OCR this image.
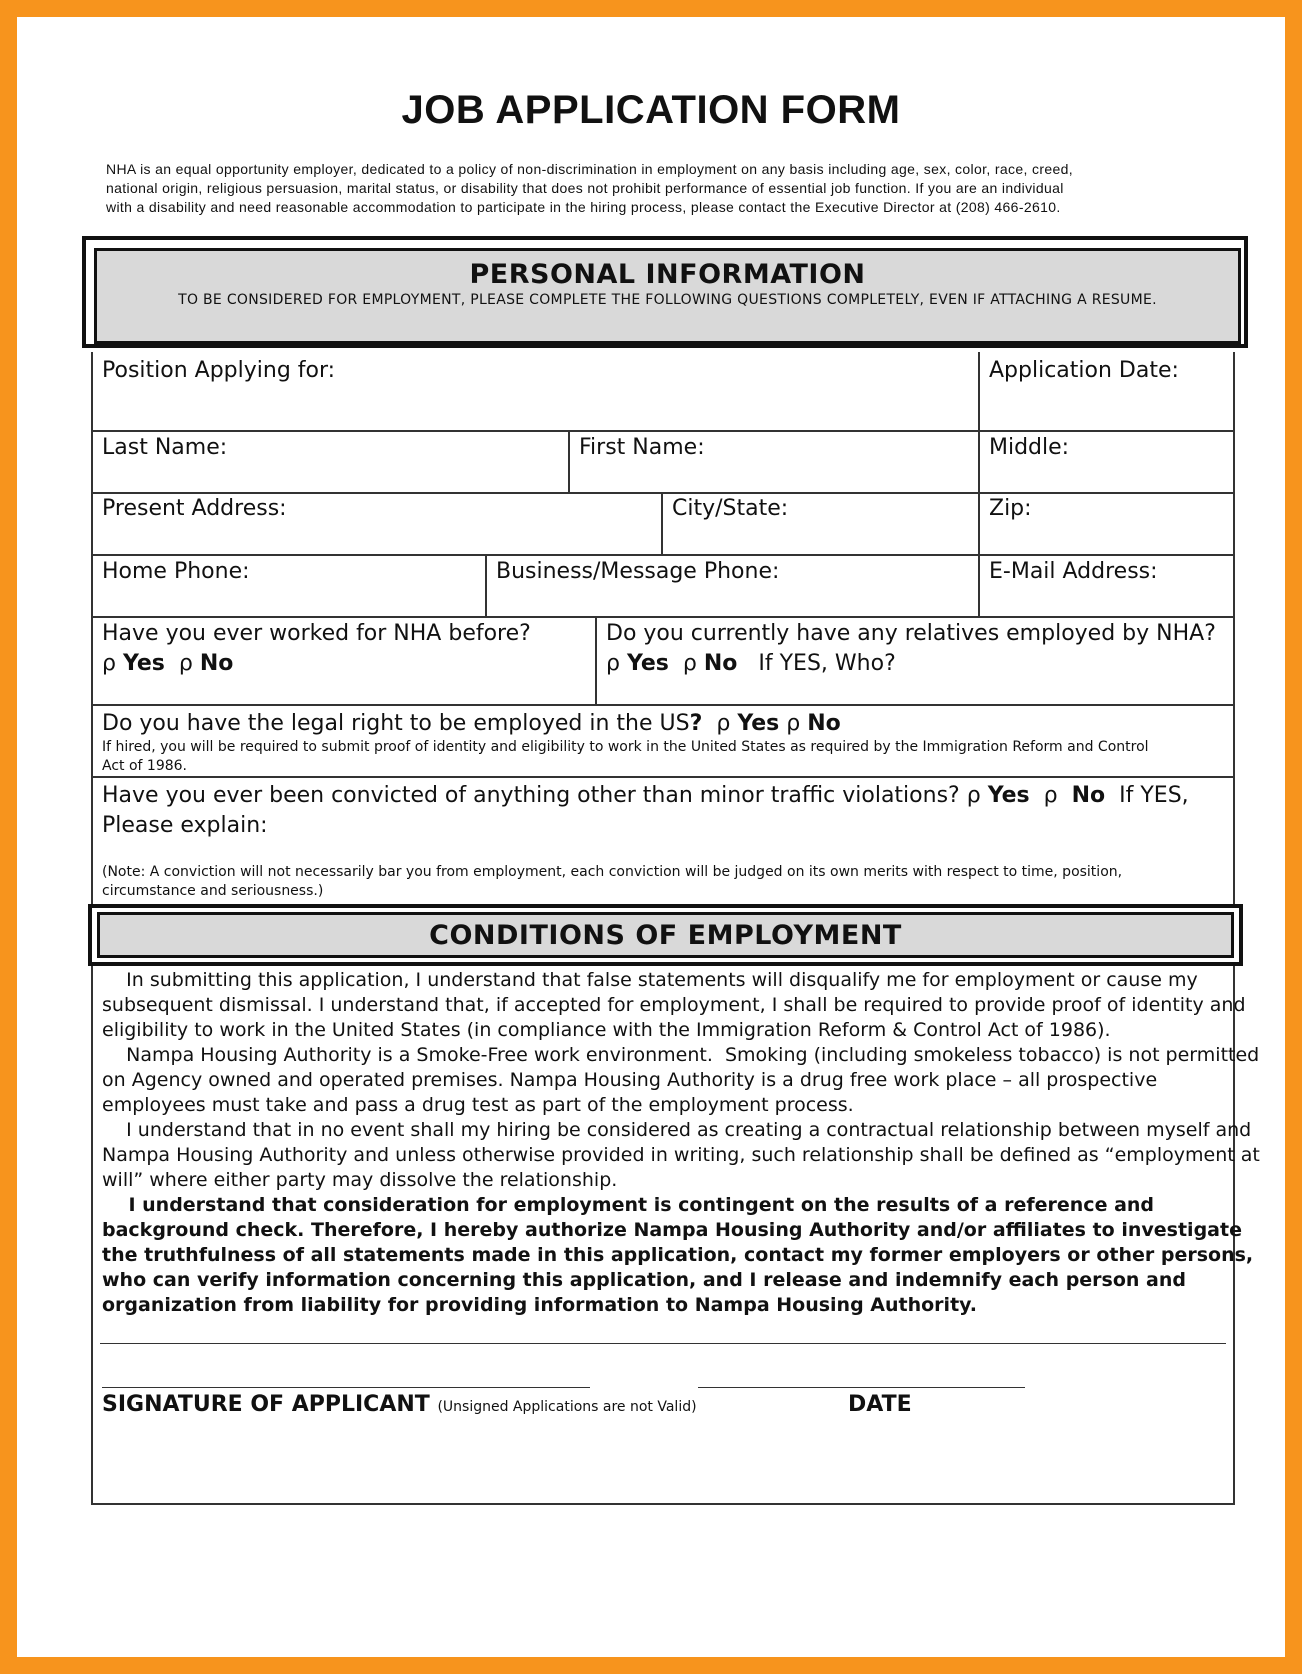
JOB APPLICATION FORM
NHA is an equal opportunity employer, dedicated to a policy of non-discrimination in employment on any basis including age, sex, color, race, creed,
national origin, religious persuasion, marital status, or disability that does not prohibit performance of essential job function. If you are an individual
with a disability and need reasonable accommodation to participate in the hiring process, please contact the Executive Director at (208) 466-2610.
PERSONAL INFORMATION
TO BE CONSIDERED FOR EMPLOYMENT, PLEASE COMPLETE THE FOLLOWING QUESTIONS COMPLETELY, EVEN IF ATTACHING A RESUME.
Position Applying for:	Application Date:
Last Name:	First Name:	Middle:
Present Address:	City/State:	Zip:
Home Phone:	Business/Message Phone:	E-Mail Address:
Have you ever worked for NHA before?
ρ Yes ρ No
Do you currently have any relatives employed by NHA?
ρ Yes ρ No If YES, Who?
Do you have the legal right to be employed in the US? ρ Yes ρ No
If hired, you will be required to submit proof of identity and eligibility to work in the United States as required by the Immigration Reform and Control
Act of 1986.
Have you ever been convicted of anything other than minor traffic violations? ρ Yes ρ No If YES,
Please explain:
(Note: A conviction will not necessarily bar you from employment, each conviction will be judged on its own merits with respect to time, position,
circumstance and seriousness.)
CONDITIONS OF EMPLOYMENT
In submitting this application, I understand that false statements will disqualify me for employment or cause my
subsequent dismissal. I understand that, if accepted for employment, I shall be required to provide proof of identity and
eligibility to work in the United States (in compliance with the Immigration Reform & Control Act of 1986).
Nampa Housing Authority is a Smoke-Free work environment.  Smoking (including smokeless tobacco) is not permitted
on Agency owned and operated premises. Nampa Housing Authority is a drug free work place – all prospective
employees must take and pass a drug test as part of the employment process.
I understand that in no event shall my hiring be considered as creating a contractual relationship between myself and
Nampa Housing Authority and unless otherwise provided in writing, such relationship shall be defined as “employment at
will” where either party may dissolve the relationship.
I understand that consideration for employment is contingent on the results of a reference and
background check. Therefore, I hereby authorize Nampa Housing Authority and/or affiliates to investigate
the truthfulness of all statements made in this application, contact my former employers or other persons,
who can verify information concerning this application, and I release and indemnify each person and
organization from liability for providing information to Nampa Housing Authority.
SIGNATURE OF APPLICANT (Unsigned Applications are not Valid)	DATE
